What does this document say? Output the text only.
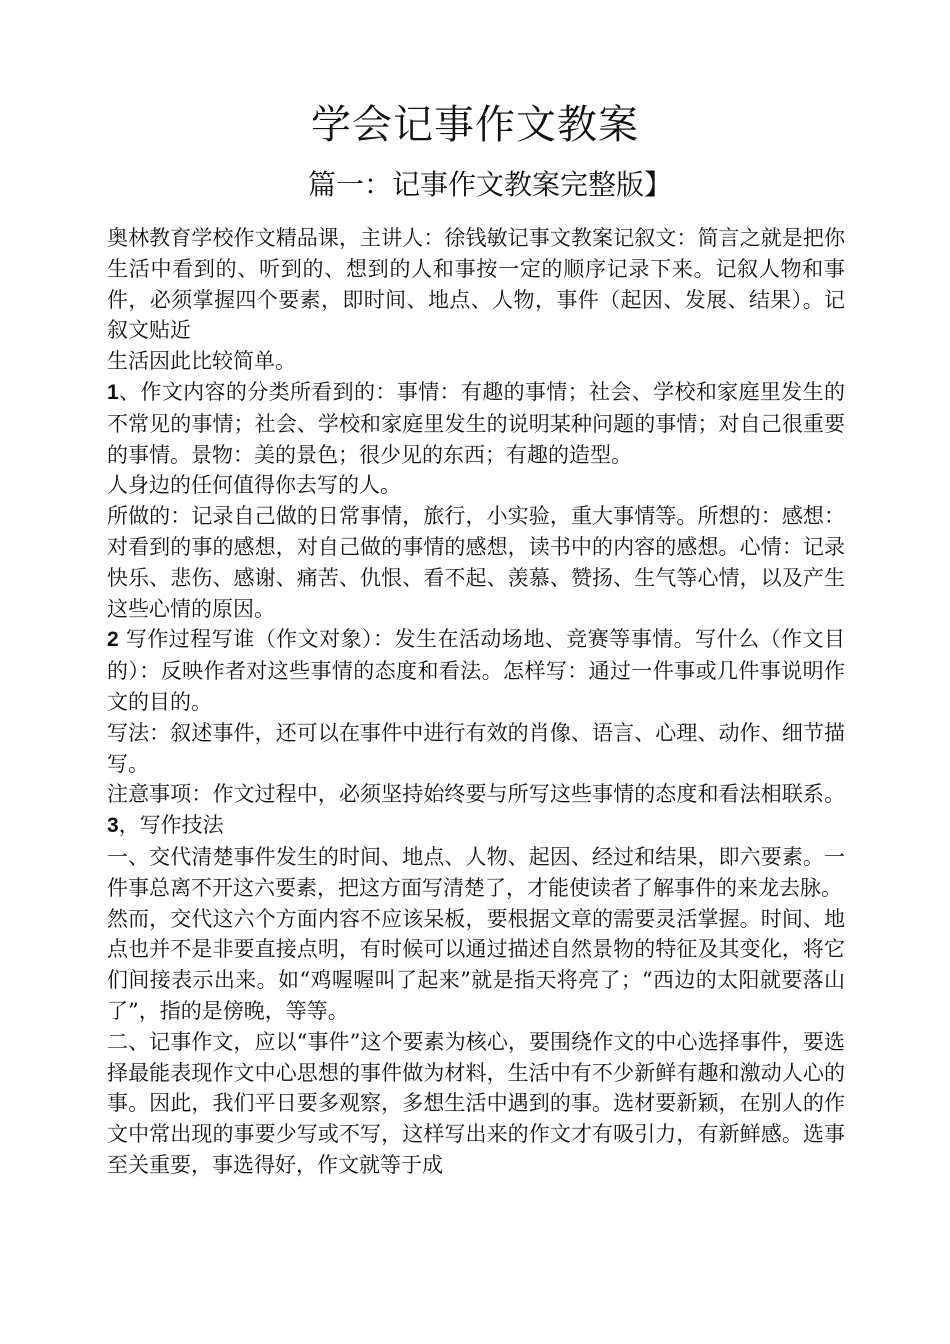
学会记事作文教案
篇一：记事作文教案完整版】

奥林教育学校作文精品课，主讲人：徐钱敏记事文教案记叙文：简言之就是把你生活中看到的、听到的、想到的人和事按一定的顺序记录下来。记叙人物和事件，必须掌握四个要素，即时间、地点、人物，事件（起因、发展、结果）。记叙文贴近

生活因此比较简单。

1、作文内容的分类所看到的：事情：有趣的事情；社会、学校和家庭里发生的不常见的事情；社会、学校和家庭里发生的说明某种问题的事情；对自己很重要的事情。景物：美的景色；很少见的东西；有趣的造型。

人身边的任何值得你去写的人。

所做的：记录自己做的日常事情，旅行，小实验，重大事情等。所想的：感想：对看到的事的感想，对自己做的事情的感想，读书中的内容的感想。心情：记录快乐、悲伤、感谢、痛苦、仇恨、看不起、羡慕、赞扬、生气等心情，以及产生这些心情的原因。

2 写作过程写谁（作文对象）：发生在活动场地、竞赛等事情。写什么（作文目的）：反映作者对这些事情的态度和看法。怎样写：通过一件事或几件事说明作文的目的。

写法：叙述事件，还可以在事件中进行有效的肖像、语言、心理、动作、细节描写。

注意事项：作文过程中，必须坚持始终要与所写这些事情的态度和看法相联系。3，写作技法

一、交代清楚事件发生的时间、地点、人物、起因、经过和结果，即六要素。一件事总离不开这六要素，把这方面写清楚了，才能使读者了解事件的来龙去脉。

然而，交代这六个方面内容不应该呆板，要根据文章的需要灵活掌握。时间、地点也并不是非要直接点明，有时候可以通过描述自然景物的特征及其变化，将它们间接表示出来。如“鸡喔喔叫了起来”就是指天将亮了；“西边的太阳就要落山了”，指的是傍晚，等等。

二、记事作文，应以“事件”这个要素为核心，要围绕作文的中心选择事件，要选择最能表现作文中心思想的事件做为材料，生活中有不少新鲜有趣和激动人心的事。因此，我们平日要多观察，多想生活中遇到的事。选材要新颖，在别人的作文中常出现的事要少写或不写，这样写出来的作文才有吸引力，有新鲜感。选事至关重要，事选得好，作文就等于成
